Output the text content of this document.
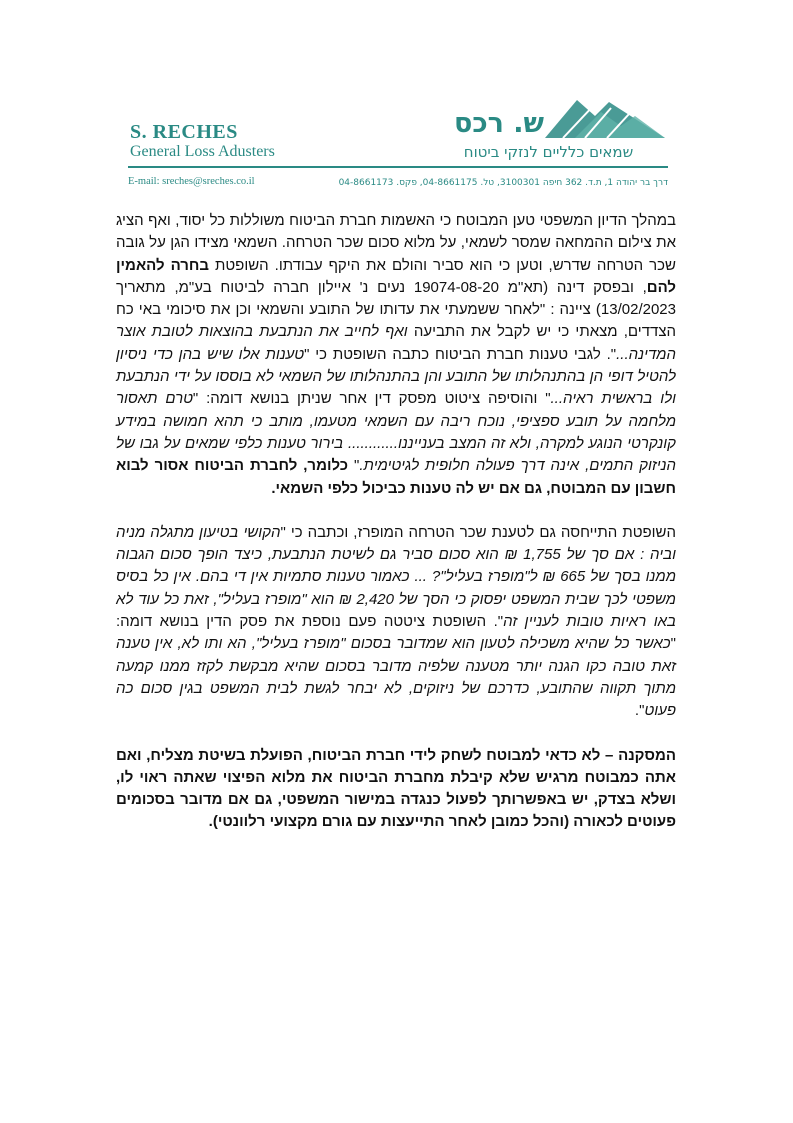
S. RECHES
General Loss Adusters
ש. רכס
שמאים כלליים לנזקי ביטוח
E-mail: sreches@sreches.co.il	דרך בר יהודה 1, ת.ד. 362 חיפה 3100301, טל. 04-8661175, פקס. 04-8661173

במהלך הדיון המשפטי טען המבוטח כי האשמות חברת הביטוח משוללות כל יסוד, ואף הציג את צילום ההמחאה שמסר לשמאי, על מלוא סכום שכר הטרחה. השמאי מצידו הגן על גובה שכר הטרחה שדרש, וטען כי הוא סביר והולם את היקף עבודתו. השופטת בחרה להאמין להם, ובפסק דינה (תא"מ 19074-08-20 נעים נ' איילון חברה לביטוח בע"מ, מתאריך 13/02/2023) ציינה : "לאחר ששמעתי את עדותו של התובע והשמאי וכן את סיכומי באי כח הצדדים, מצאתי כי יש לקבל את התביעה ואף לחייב את הנתבעת בהוצאות לטובת אוצר המדינה...". לגבי טענות חברת הביטוח כתבה השופטת כי "טענות אלו שיש בהן כדי ניסיון להטיל דופי הן בהתנהלותו של התובע והן בהתנהלותו של השמאי לא בוססו על ידי הנתבעת ולו בראשית ראיה..." והוסיפה ציטוט מפסק דין אחר שניתן בנושא דומה: "טרם תאסור מלחמה על תובע ספציפי, נוכח ריבה עם השמאי מטעמו, מותב כי תהא חמושה במידע קונקרטי הנוגע למקרה, ולא זה המצב בענייננו............ בירור טענות כלפי שמאים על גבו של הניזוק התמים, אינה דרך פעולה חלופית לגיטימית." כלומר, לחברת הביטוח אסור לבוא חשבון עם המבוטח, גם אם יש לה טענות כביכול כלפי השמאי.

השופטת התייחסה גם לטענת שכר הטרחה המופרז, וכתבה כי "הקושי בטיעון מתגלה מניה וביה : אם סך של 1,755 ₪ הוא סכום סביר גם לשיטת הנתבעת, כיצד הופך סכום הגבוה ממנו בסך של 665 ₪ ל"מופרז בעליל"? ... כאמור טענות סתמיות אין די בהם. אין כל בסיס משפטי לכך שבית המשפט יפסוק כי הסך של 2,420 ₪ הוא "מופרז בעליל", זאת כל עוד לא באו ראיות טובות לעניין זה". השופטת ציטטה פעם נוספת את פסק הדין בנושא דומה: "כאשר כל שהיא משכילה לטעון הוא שמדובר בסכום "מופרז בעליל", הא ותו לא, אין טענה זאת טובה כקו הגנה יותר מטענה שלפיה מדובר בסכום שהיא מבקשת לקזז ממנו קמעה מתוך תקווה שהתובע, כדרכם של ניזוקים, לא יבחר לגשת לבית המשפט בגין סכום כה פעוט".

המסקנה – לא כדאי למבוטח לשחק לידי חברת הביטוח, הפועלת בשיטת מצליח, ואם אתה כמבוטח מרגיש שלא קיבלת מחברת הביטוח את מלוא הפיצוי שאתה ראוי לו, ושלא בצדק, יש באפשרותך לפעול כנגדה במישור המשפטי, גם אם מדובר בסכומים פעוטים לכאורה (והכל כמובן לאחר התייעצות עם גורם מקצועי רלוונטי).
